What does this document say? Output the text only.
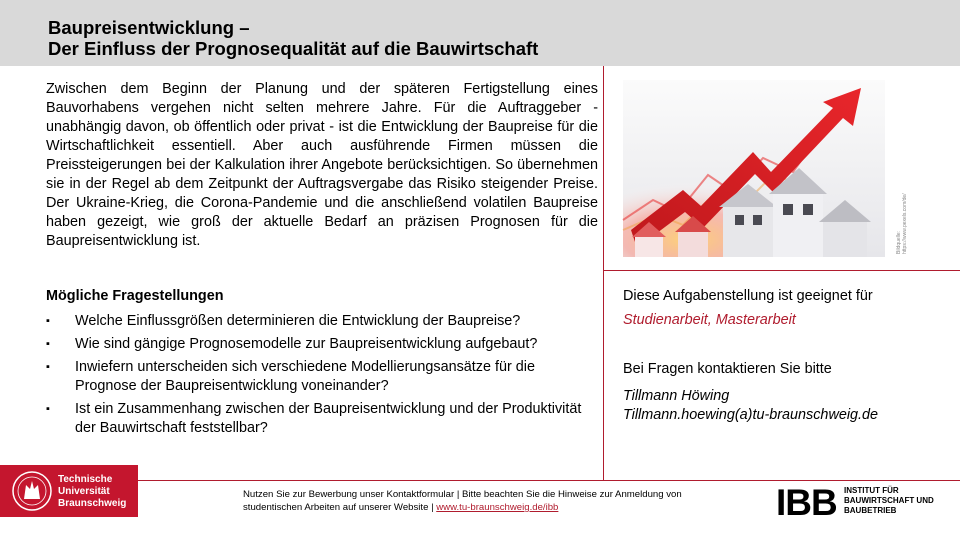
Baupreisentwicklung –
Der Einfluss der Prognosequalität auf die Bauwirtschaft
Zwischen dem Beginn der Planung und der späteren Fertigstellung eines Bauvorhabens vergehen nicht selten mehrere Jahre. Für die Auftraggeber - unabhängig davon, ob öffentlich oder privat - ist die Entwicklung der Baupreise für die Wirtschaftlichkeit essentiell. Aber auch ausführende Firmen müssen die Preissteigerungen bei der Kalkulation ihrer Angebote berücksichtigen. So übernehmen sie in der Regel ab dem Zeitpunkt der Auftragsvergabe das Risiko steigender Preise. Der Ukraine-Krieg, die Corona-Pandemie und die anschließend volatilen Baupreise haben gezeigt, wie groß der aktuelle Bedarf an präzisen Prognosen für die Baupreisentwicklung ist.
Mögliche Fragestellungen
▪ Welche Einflussgrößen determinieren die Entwicklung der Baupreise?
▪ Wie sind gängige Prognosemodelle zur Baupreisentwicklung aufgebaut?
▪ Inwiefern unterscheiden sich verschiedene Modellierungsansätze für die Prognose der Baupreisentwicklung voneinander?
▪ Ist ein Zusammenhang zwischen der Baupreisentwicklung und der Produktivität der Bauwirtschaft feststellbar?
Bildquelle: https://www.pexels.com/de/
Diese Aufgabenstellung ist geeignet für
Studienarbeit, Masterarbeit
Bei Fragen kontaktieren Sie bitte
Tillmann Höwing
Tillmann.hoewing(a)tu-braunschweig.de
Technische
Universität
Braunschweig
Nutzen Sie zur Bewerbung unser Kontaktformular | Bitte beachten Sie die Hinweise zur Anmeldung von
studentischen Arbeiten auf unserer Website | www.tu-braunschweig.de/ibb	IBB INSTITUT FÜR
BAUWIRTSCHAFT UND
BAUBETRIEB
